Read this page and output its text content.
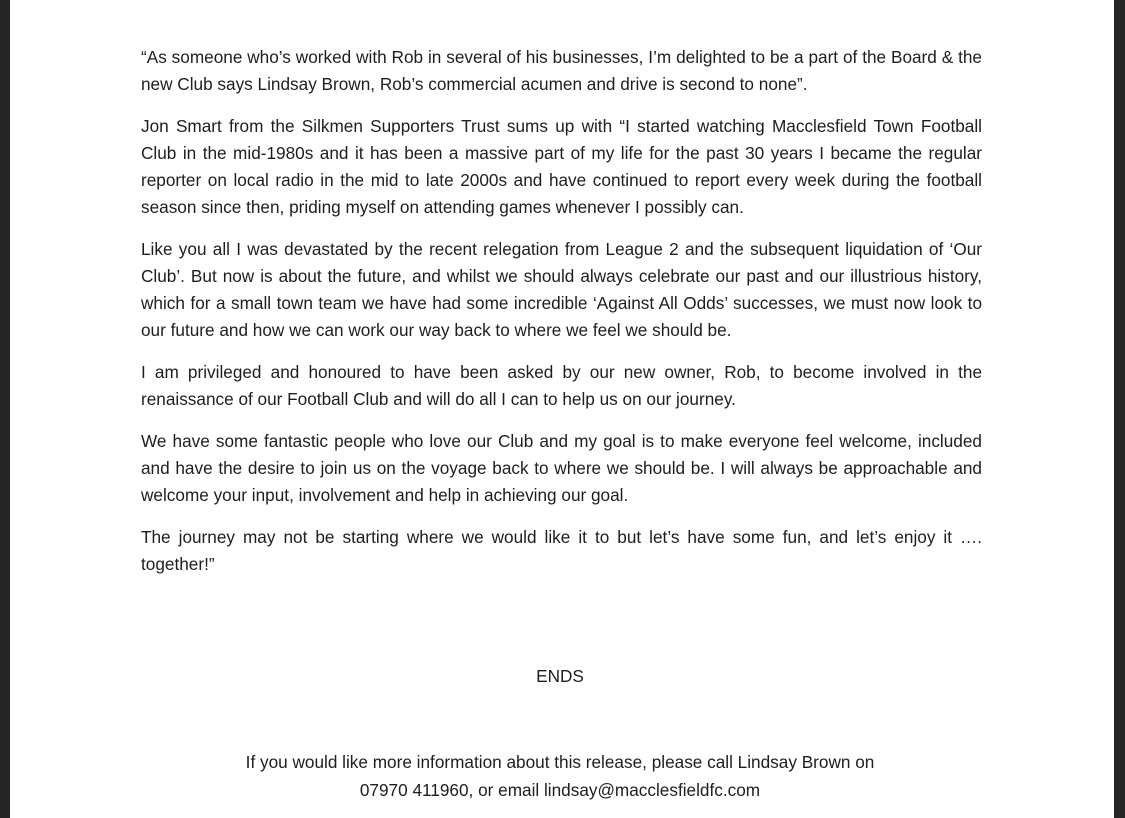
“As someone who’s worked with Rob in several of his businesses, I’m delighted to be a part of the Board & the new Club says Lindsay Brown, Rob’s commercial acumen and drive is second to none”.

Jon Smart from the Silkmen Supporters Trust sums up with “I started watching Macclesfield Town Football Club in the mid-1980s and it has been a massive part of my life for the past 30 years I became the regular reporter on local radio in the mid to late 2000s and have continued to report every week during the football season since then, priding myself on attending games whenever I possibly can.

Like you all I was devastated by the recent relegation from League 2 and the subsequent liquidation of ‘Our Club’. But now is about the future, and whilst we should always celebrate our past and our illustrious history, which for a small town team we have had some incredible ‘Against All Odds’ successes, we must now look to our future and how we can work our way back to where we feel we should be.

I am privileged and honoured to have been asked by our new owner, Rob, to become involved in the renaissance of our Football Club and will do all I can to help us on our journey.

We have some fantastic people who love our Club and my goal is to make everyone feel welcome, included and have the desire to join us on the voyage back to where we should be. I will always be approachable and welcome your input, involvement and help in achieving our goal.

The journey may not be starting where we would like it to but let’s have some fun, and let’s enjoy it …. together!”

ENDS
If you would like more information about this release, please call Lindsay Brown on
07970 411960, or email lindsay@macclesfieldfc.com
